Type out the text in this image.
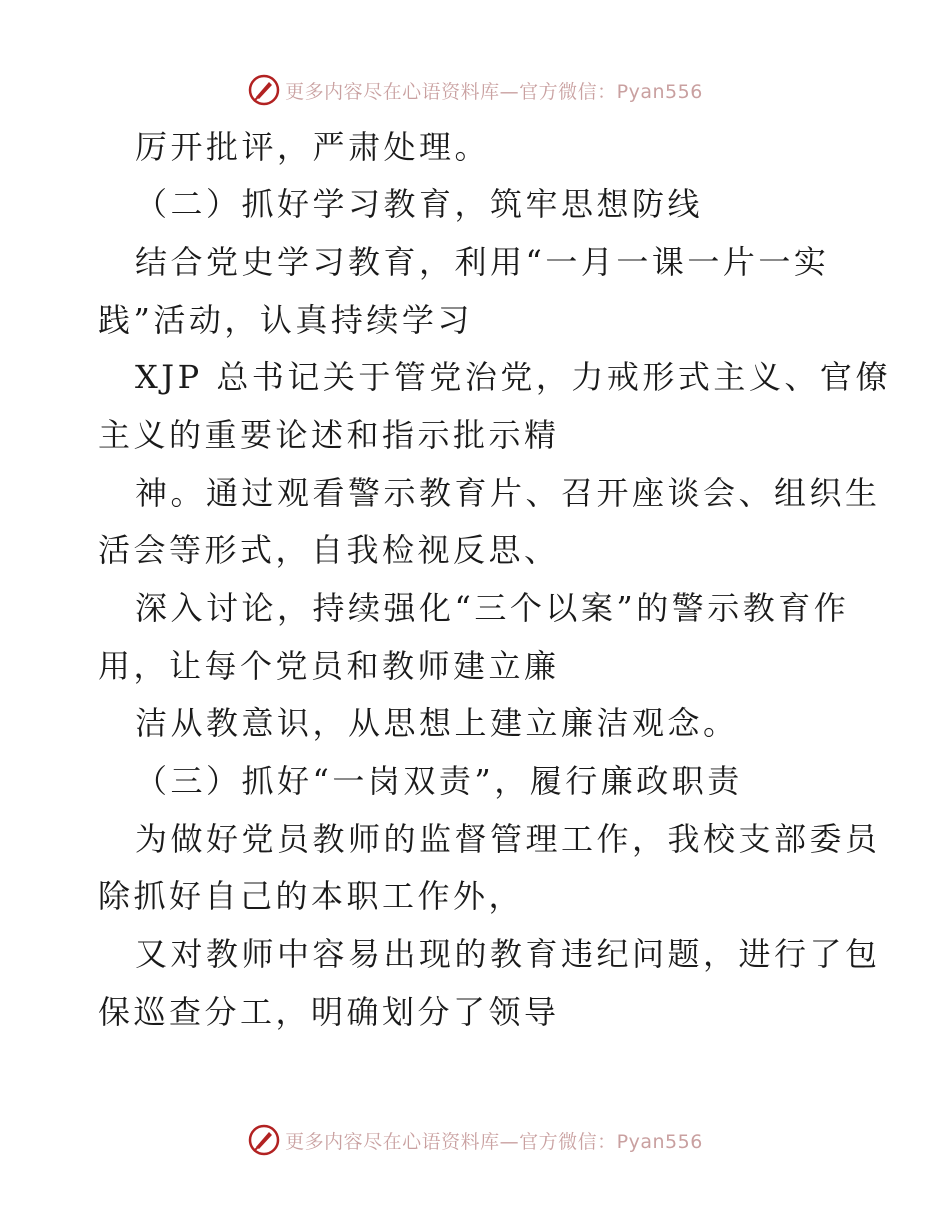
更多内容尽在心语资料库—官方微信：Pyan556
厉开批评，严肃处理。
（二）抓好学习教育，筑牢思想防线
结合党史学习教育，利用“一月一课一片一实
践”活动，认真持续学习
XJP 总书记关于管党治党，力戒形式主义、官僚
主义的重要论述和指示批示精
神。通过观看警示教育片、召开座谈会、组织生
活会等形式，自我检视反思、
深入讨论，持续强化“三个以案”的警示教育作
用，让每个党员和教师建立廉
洁从教意识，从思想上建立廉洁观念。
（三）抓好“一岗双责”，履行廉政职责
为做好党员教师的监督管理工作，我校支部委员
除抓好自己的本职工作外，
又对教师中容易出现的教育违纪问题，进行了包
保巡查分工，明确划分了领导
更多内容尽在心语资料库—官方微信：Pyan556
